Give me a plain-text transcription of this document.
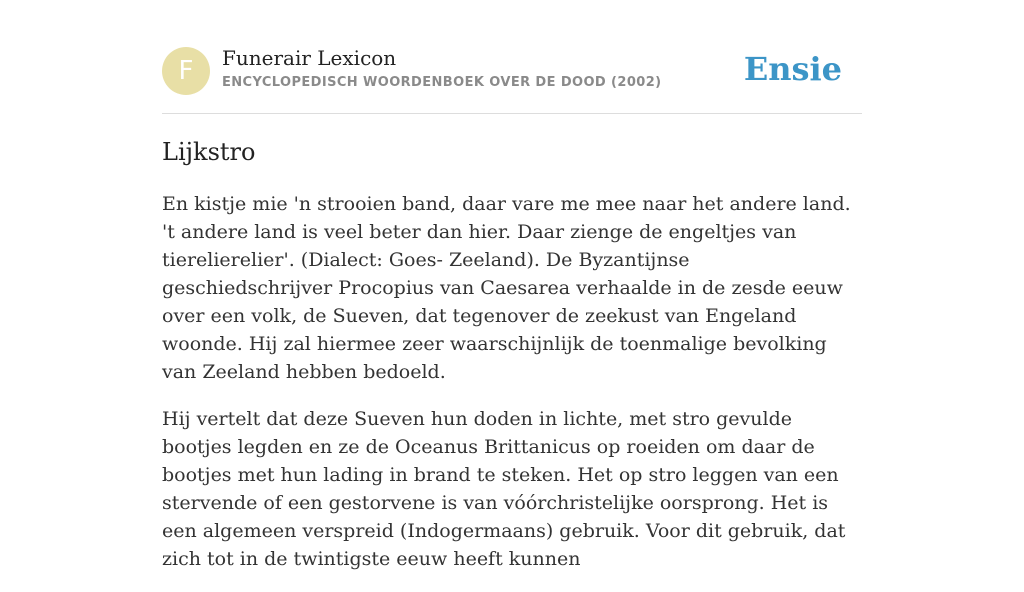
F	Funerair Lexicon
ENCYCLOPEDISCH WOORDENBOEK OVER DE DOOD (2002)	Ensie
Lijkstro

En kistje mie 'n strooien band, daar vare me mee naar het andere land. 't andere land is veel beter dan hier. Daar zienge de engeltjes van tierelierelier'. (Dialect: Goes- Zeeland). De Byzantijnse geschiedschrijver Procopius van Caesarea verhaalde in de zesde eeuw over een volk, de Sueven, dat tegenover de zeekust van Engeland woonde. Hij zal hiermee zeer waarschijnlijk de toenmalige bevolking van Zeeland hebben bedoeld.

Hij vertelt dat deze Sueven hun doden in lichte, met stro gevulde bootjes legden en ze de Oceanus Brittanicus op roeiden om daar de bootjes met hun lading in brand te steken. Het op stro leggen van een stervende of een gestorvene is van vóórchristelijke oorsprong. Het is een algemeen verspreid (Indogermaans) gebruik. Voor dit gebruik, dat zich tot in de twintigste eeuw heeft kunnen
